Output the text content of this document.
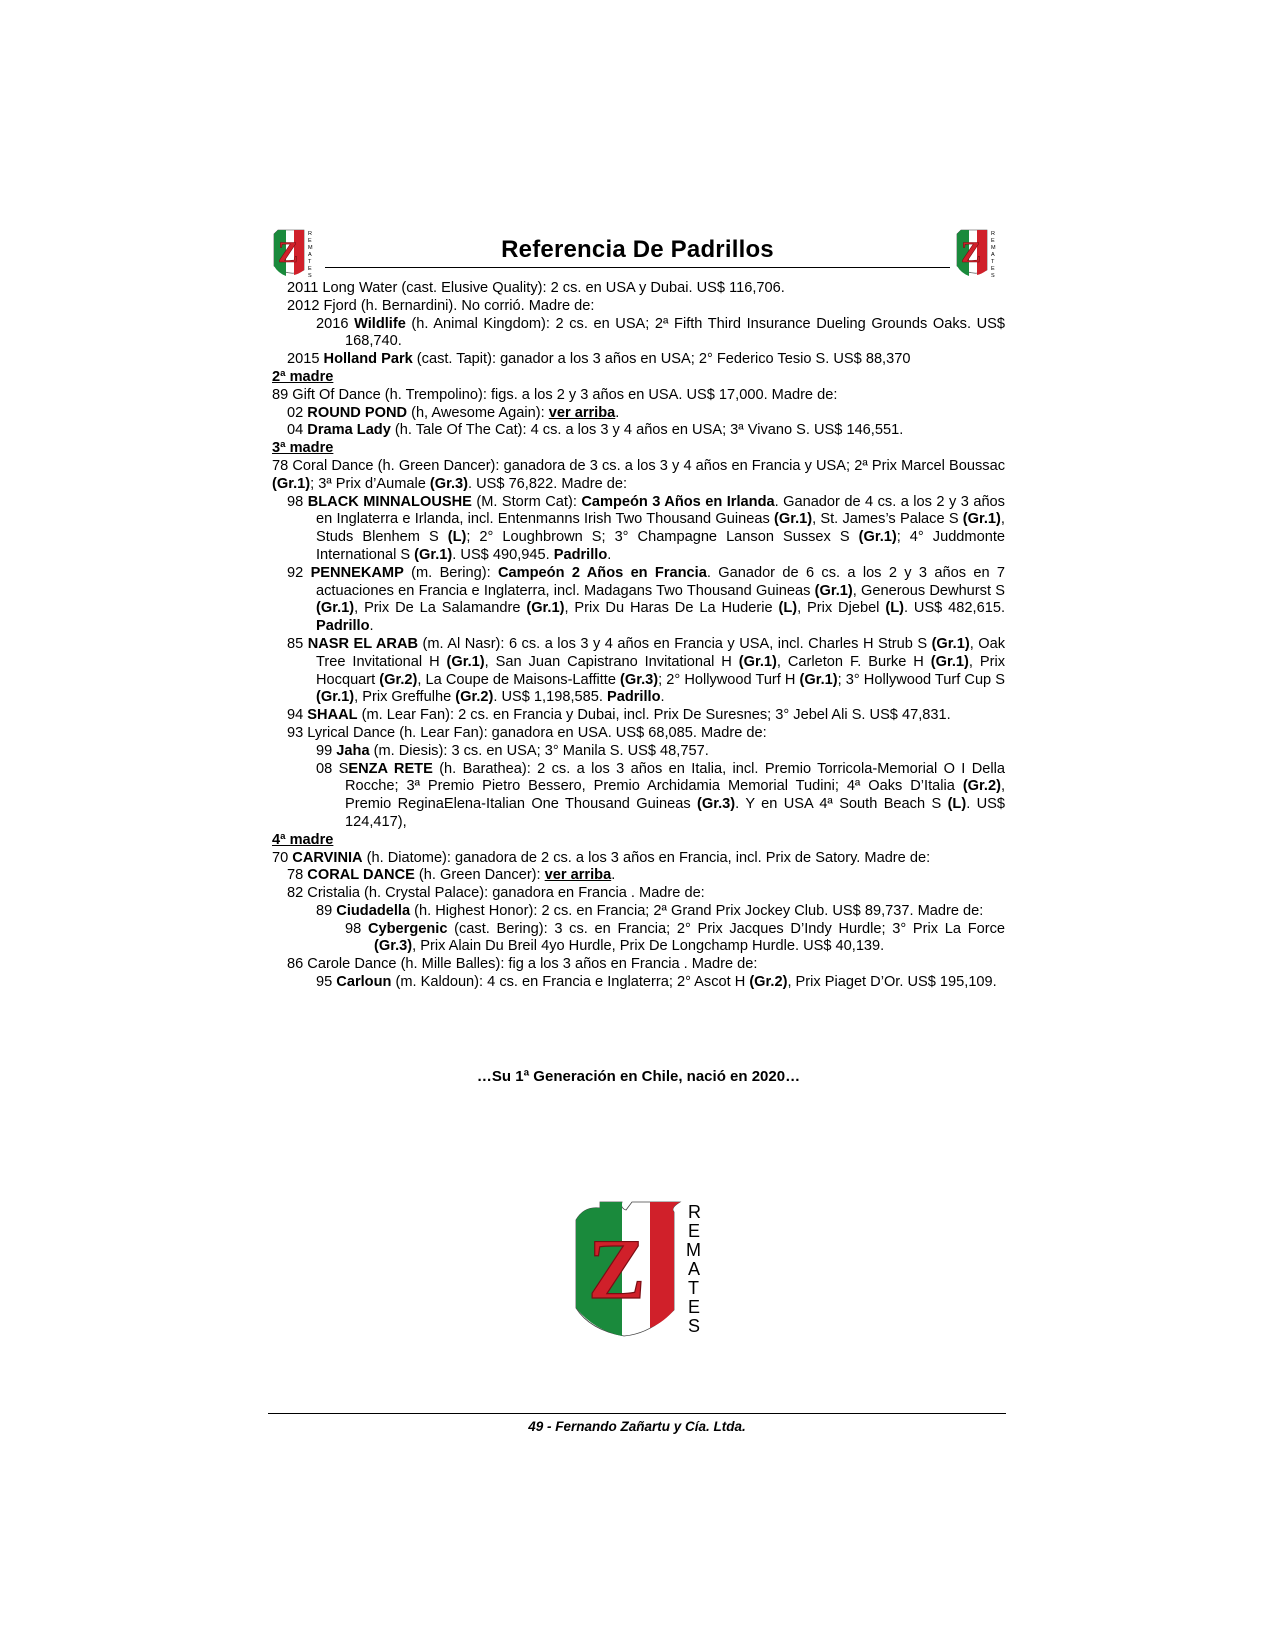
Z
R
E
M
A
T
E
S
Referencia De Padrillos	Z
R
E
M
A
T
E
S

2011 Long Water (cast. Elusive Quality): 2 cs. en USA y Dubai. US$ 116,706.

2012 Fjord (h. Bernardini). No corrió. Madre de:

2016 Wildlife (h. Animal Kingdom): 2 cs. en USA; 2ª Fifth Third Insurance Dueling Grounds Oaks. US$ 168,740.

2015 Holland Park (cast. Tapit): ganador a los 3 años en USA; 2° Federico Tesio S. US$ 88,370

2ª madre

89 Gift Of Dance (h. Trempolino): figs. a los 2 y 3 años en USA. US$ 17,000. Madre de:

02 ROUND POND (h, Awesome Again): ver arriba.

04 Drama Lady (h. Tale Of The Cat): 4 cs. a los 3 y 4 años en USA; 3ª Vivano S. US$ 146,551.

3ª madre

78 Coral Dance (h. Green Dancer): ganadora de 3 cs. a los 3 y 4 años en Francia y USA; 2ª Prix Marcel Boussac (Gr.1); 3ª Prix d’Aumale (Gr.3). US$ 76,822. Madre de:

98 BLACK MINNALOUSHE (M. Storm Cat): Campeón 3 Años en Irlanda. Ganador de 4 cs. a los 2 y 3 años en Inglaterra e Irlanda, incl. Entenmanns Irish Two Thousand Guineas (Gr.1), St. James’s Palace S (Gr.1), Studs Blenhem S (L); 2° Loughbrown S; 3° Champagne Lanson Sussex S (Gr.1); 4° Juddmonte International S (Gr.1). US$ 490,945. Padrillo.

92 PENNEKAMP (m. Bering): Campeón 2 Años en Francia. Ganador de 6 cs. a los 2 y 3 años en 7 actuaciones en Francia e Inglaterra, incl. Madagans Two Thousand Guineas (Gr.1), Generous Dewhurst S (Gr.1), Prix De La Salamandre (Gr.1), Prix Du Haras De La Huderie (L), Prix Djebel (L). US$ 482,615. Padrillo.

85 NASR EL ARAB (m. Al Nasr): 6 cs. a los 3 y 4 años en Francia y USA, incl. Charles H Strub S (Gr.1), Oak Tree Invitational H (Gr.1), San Juan Capistrano Invitational H (Gr.1), Carleton F. Burke H (Gr.1), Prix Hocquart (Gr.2), La Coupe de Maisons-Laffitte (Gr.3); 2° Hollywood Turf H (Gr.1); 3° Hollywood Turf Cup S (Gr.1), Prix Greffulhe (Gr.2). US$ 1,198,585. Padrillo.

94 SHAAL (m. Lear Fan): 2 cs. en Francia y Dubai, incl. Prix De Suresnes; 3° Jebel Ali S. US$ 47,831.

93 Lyrical Dance (h. Lear Fan): ganadora en USA. US$ 68,085. Madre de:

99 Jaha (m. Diesis): 3 cs. en USA; 3° Manila S. US$ 48,757.

08 SENZA RETE (h. Barathea): 2 cs. a los 3 años en Italia, incl. Premio Torricola-Memorial O I Della Rocche; 3ª Premio Pietro Bessero, Premio Archidamia Memorial Tudini; 4ª Oaks D’Italia (Gr.2), Premio ReginaElena-Italian One Thousand Guineas (Gr.3). Y en USA 4ª South Beach S (L). US$ 124,417),

4ª madre

70 CARVINIA (h. Diatome): ganadora de 2 cs. a los 3 años en Francia, incl. Prix de Satory. Madre de:

78 CORAL DANCE (h. Green Dancer): ver arriba.

82 Cristalia (h. Crystal Palace): ganadora en Francia . Madre de:

89 Ciudadella (h. Highest Honor): 2 cs. en Francia; 2ª Grand Prix Jockey Club. US$ 89,737. Madre de:

98 Cybergenic (cast. Bering): 3 cs. en Francia; 2° Prix Jacques D’Indy Hurdle; 3° Prix La Force (Gr.3), Prix Alain Du Breil 4yo Hurdle, Prix De Longchamp Hurdle. US$ 40,139.

86 Carole Dance (h. Mille Balles): fig a los 3 años en Francia . Madre de:

95 Carloun (m. Kaldoun): 4 cs. en Francia e Inglaterra; 2° Ascot H (Gr.2), Prix Piaget D’Or. US$ 195,109.

…Su 1ª Generación en Chile, nació en 2020…
Z
R
E
M
A
T
E
S
49 - Fernando Zañartu y Cía. Ltda.
